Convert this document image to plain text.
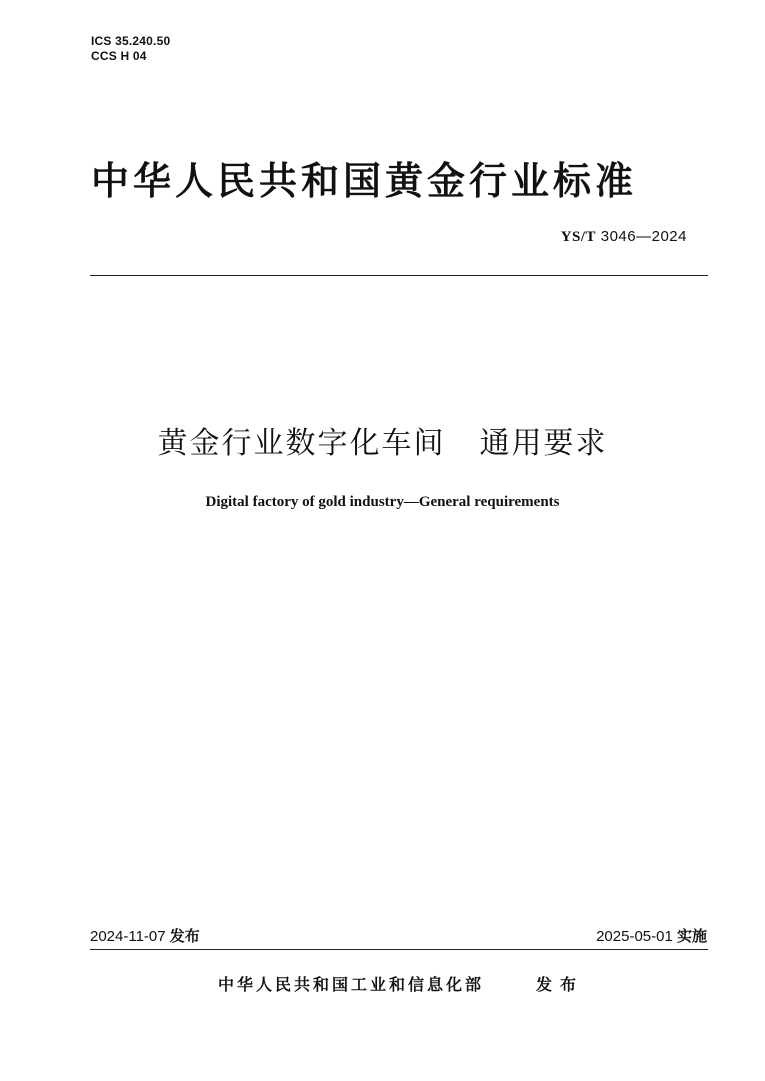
ICS 35.240.50
CCS H 04
中华人民共和国黄金行业标准
YS/T 3046—2024
黄金行业数字化车间 通用要求
Digital factory of gold industry—General requirements
2024-11-07 发布	2025-05-01 实施
中华人民共和国工业和信息化部	发布
